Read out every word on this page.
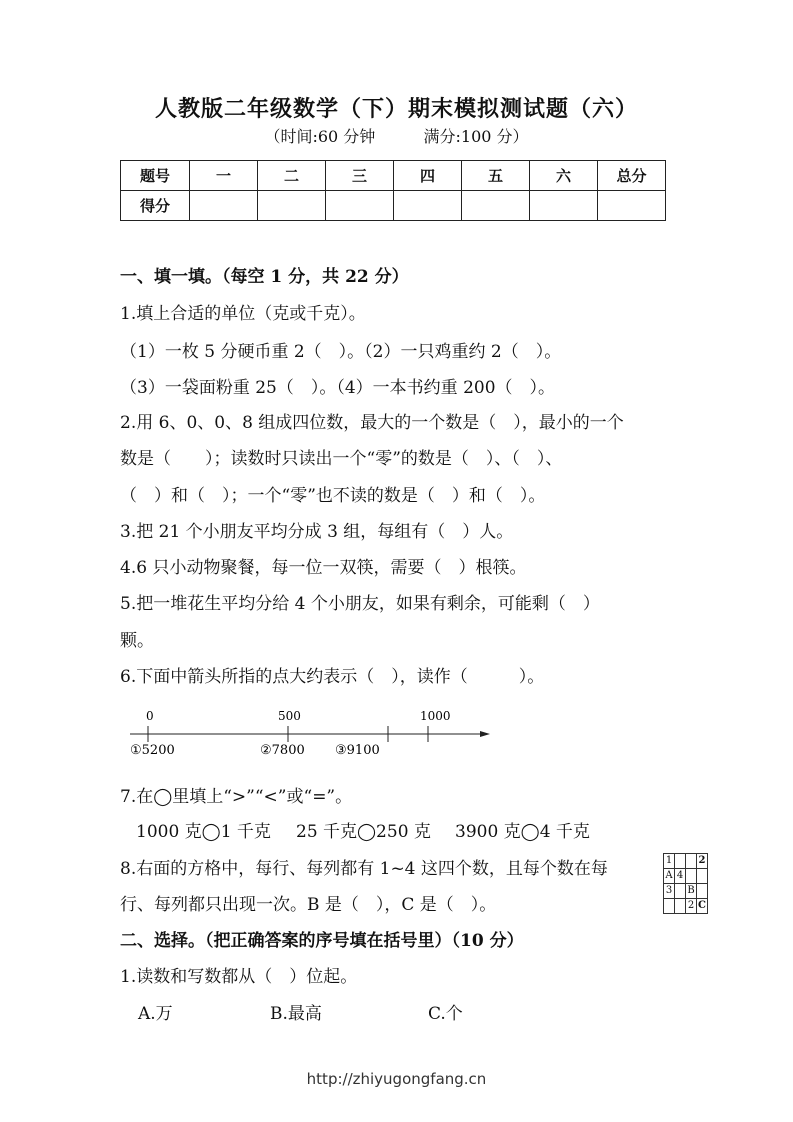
人教版二年级数学（下）期末模拟测试题（六）
（时间:60 分钟	满分:100 分）
题号	一	二	三	四	五	六	总分
得分							
一、填一填。（每空 1 分，共 22 分）
1.填上合适的单位（克或千克）。
（1）一枚 5 分硬币重 2（　）。（2）一只鸡重约 2（　）。
（3）一袋面粉重 25（　）。（4）一本书约重 200（　）。
2.用 6、0、0、8 组成四位数，最大的一个数是（　），最小的一个
数是（　　）；读数时只读出一个“零”的数是（　）、（　）、
（　）和（　）；一个“零”也不读的数是（　）和（　）。
3.把 21 个小朋友平均分成 3 组，每组有（　）人。
4.6 只小动物聚餐，每一位一双筷，需要（　）根筷。
5.把一堆花生平均分给 4 个小朋友，如果有剩余，可能剩（　）
颗。
6.下面中箭头所指的点大约表示（　），读作（　　　）。
0	500	1000
①5200	②7800 ③9100
7.在◯里填上“>”“<”或“=”。
1000 克◯1 千克 25 千克◯250 克 3900 克◯4 千克
8.右面的方格中，每行、每列都有 1~4 这四个数，且每个数在每
行、每列都只出现一次。B 是（　），C 是（　）。
1			2
A	4		
3		B	
		2	C
二、选择。（把正确答案的序号填在括号里）（10 分）
1.读数和写数都从（　）位起。
A.万	B.最高	C.个
http://zhiyugongfang.cn
